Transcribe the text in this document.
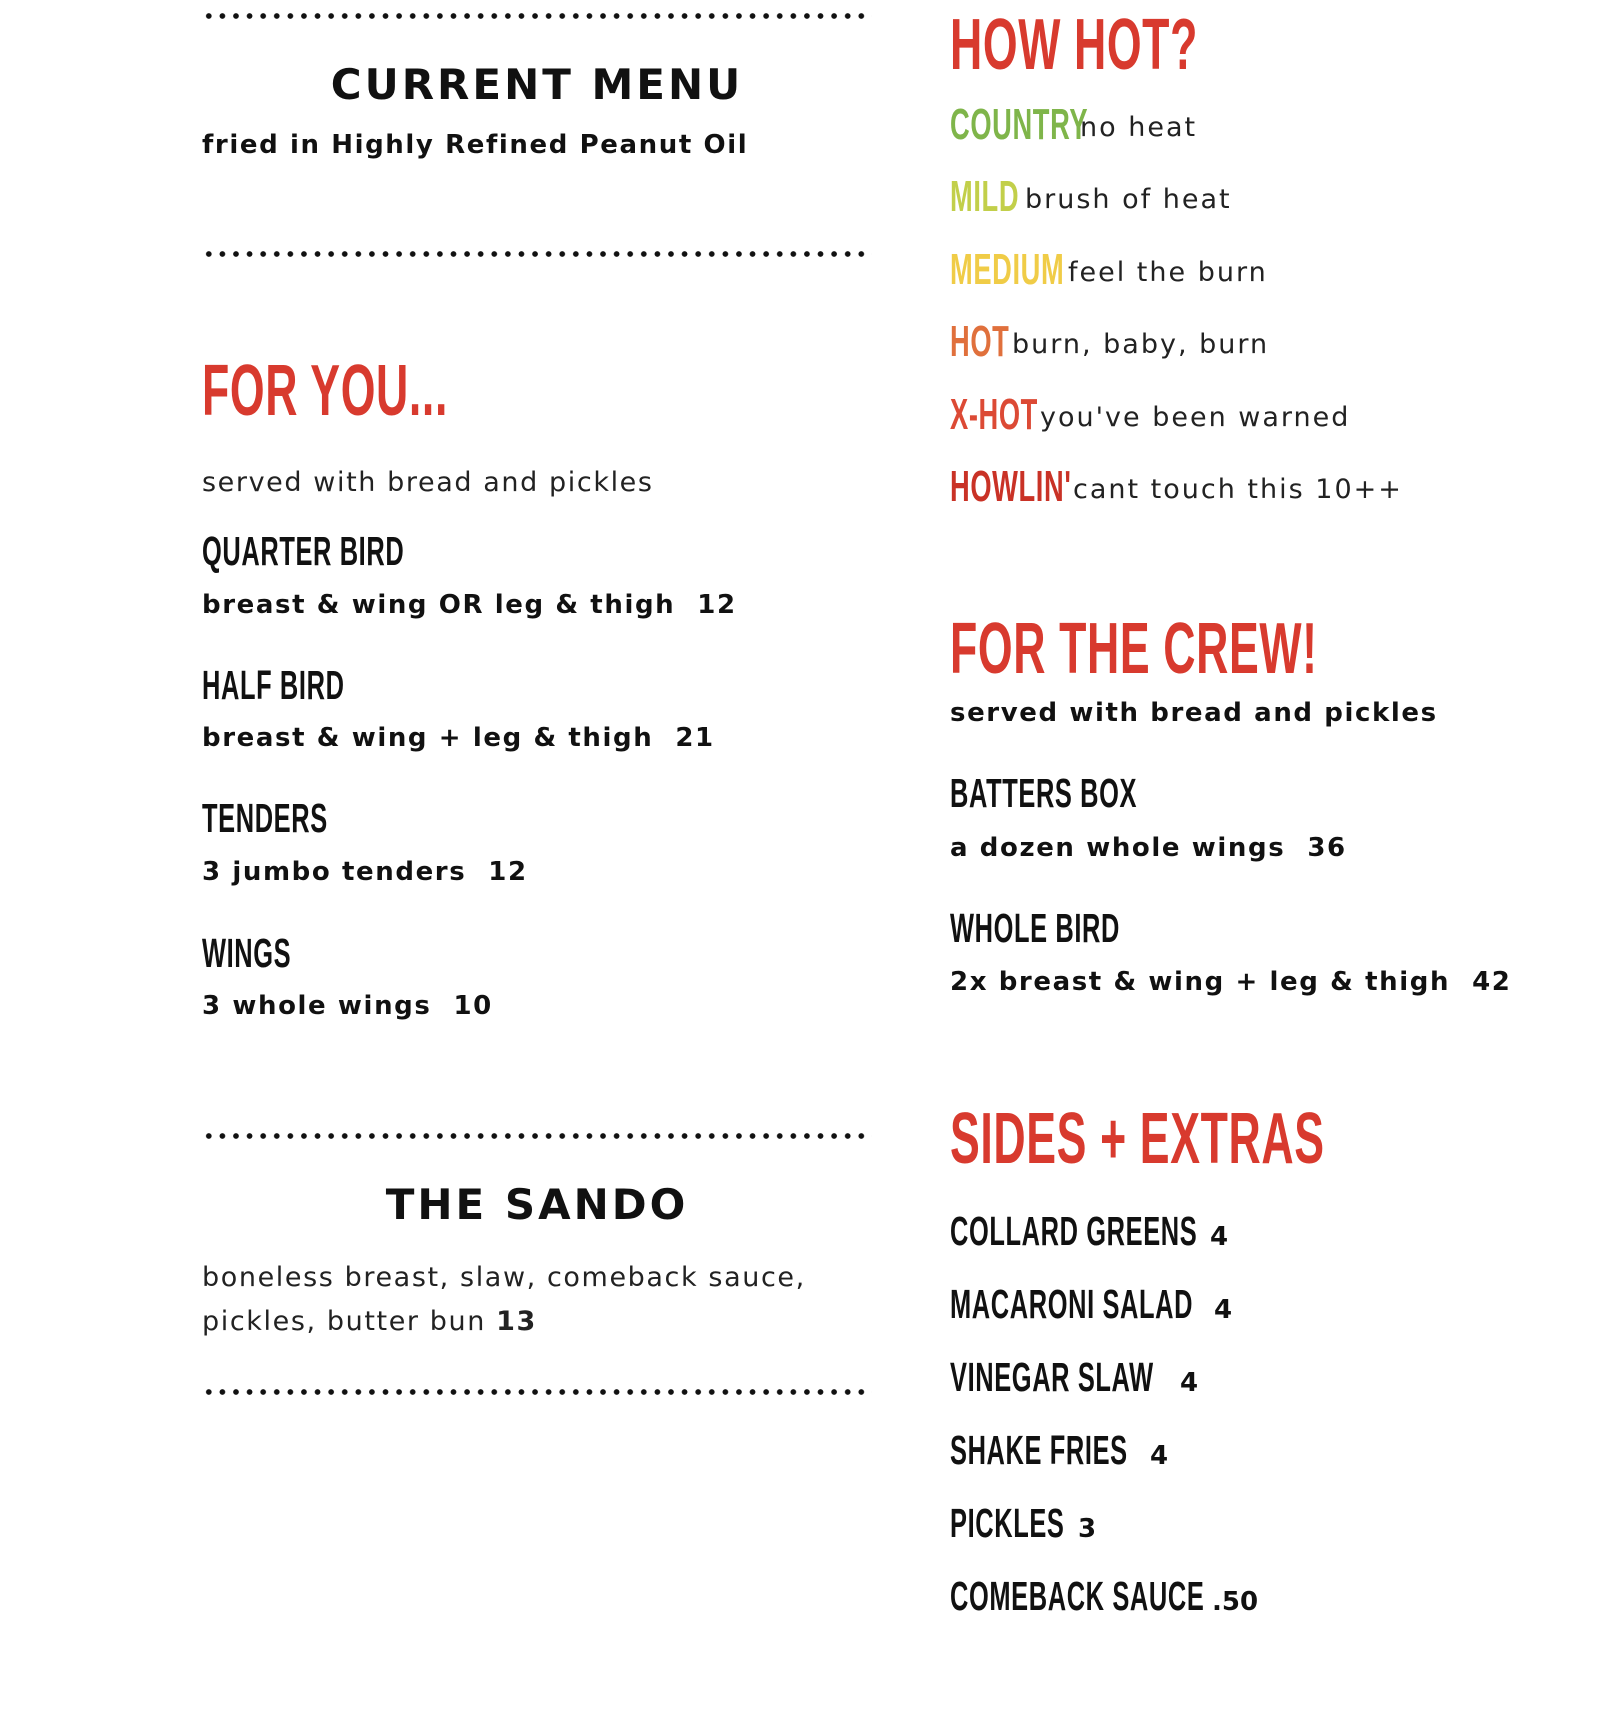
CURRENT MENU
fried in Highly Refined Peanut Oil
FOR YOU...
served with bread and pickles
QUARTER BIRD
breast & wing OR leg & thigh 12
HALF BIRD
breast & wing + leg & thigh 21
TENDERS
3 jumbo tenders 12
WINGS
3 whole wings 10
THE SANDO
boneless breast, slaw, comeback sauce,
pickles, butter bun 13
HOW HOT?
COUNTRY
no heat
MILD brush of heat
MEDIUM feel the burn
HOT burn, baby, burn
X-HOT you've been warned
HOWLIN' cant touch this 10++
FOR THE CREW!
served with bread and pickles
BATTERS BOX
a dozen whole wings 36
WHOLE BIRD
2x breast & wing + leg & thigh 42
SIDES + EXTRAS
COLLARD GREENS 4
MACARONI SALAD 4
VINEGAR SLAW 4
SHAKE FRIES 4
PICKLES 3
COMEBACK SAUCE .50
